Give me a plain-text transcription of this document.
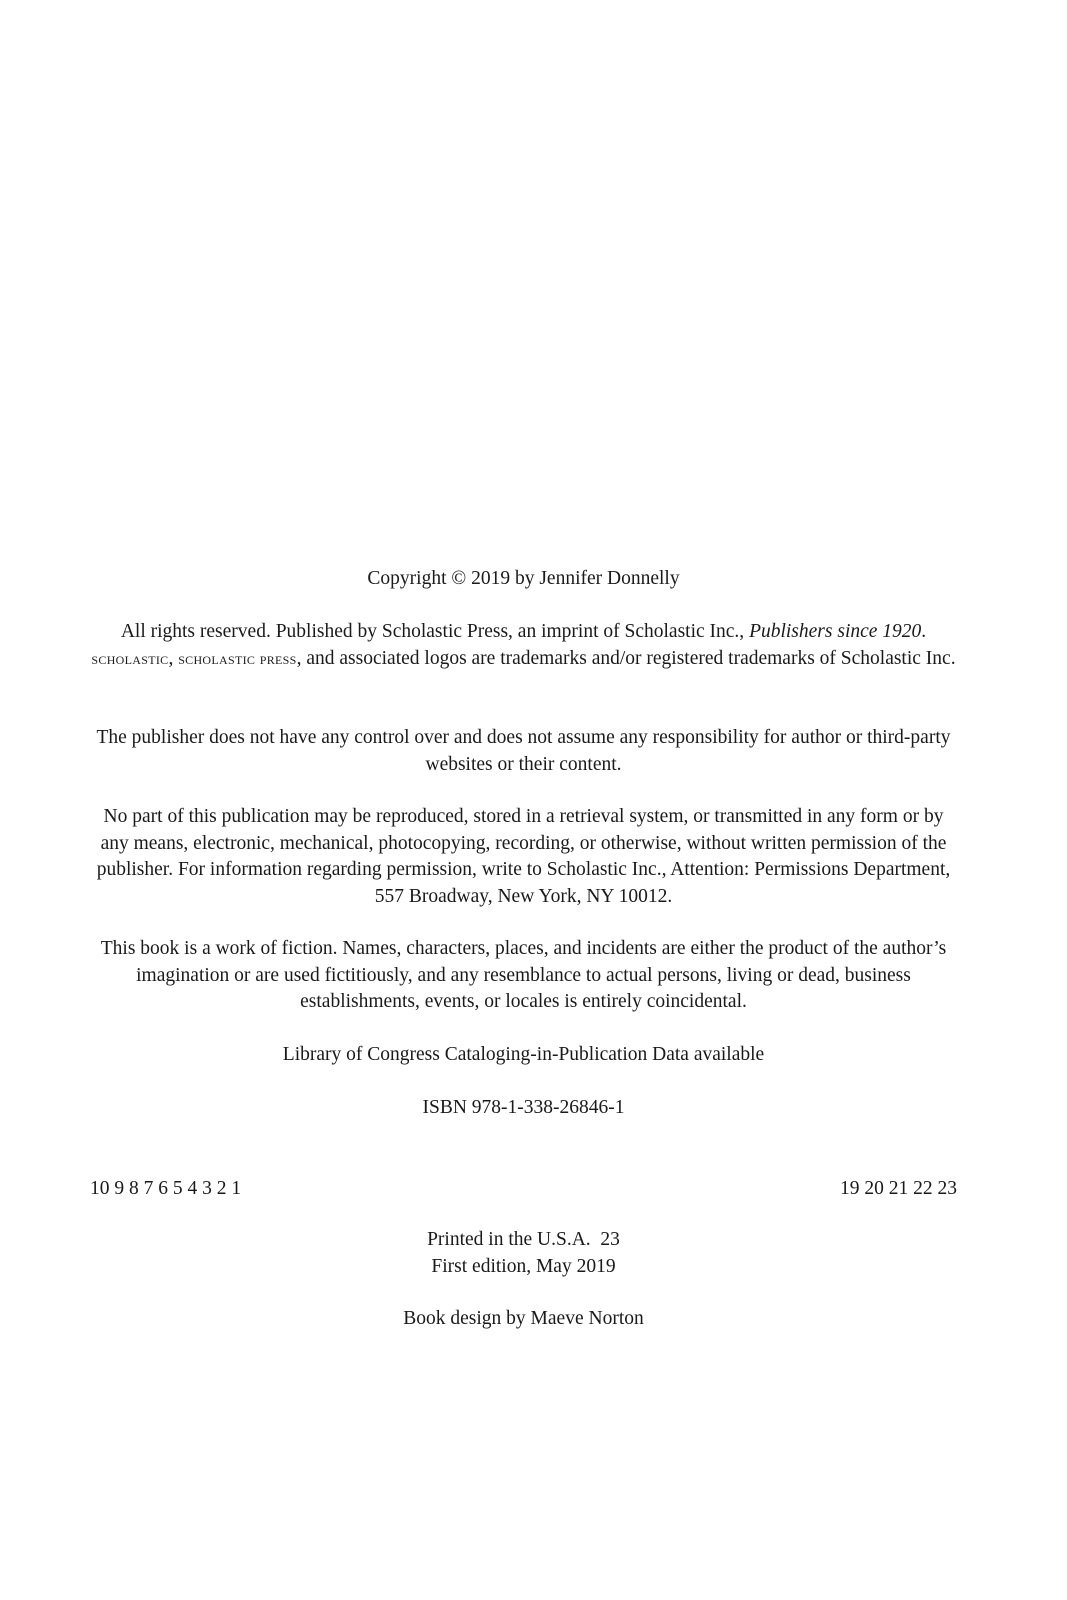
Copyright © 2019 by Jennifer Donnelly

All rights reserved. Published by Scholastic Press, an imprint of Scholastic Inc., Publishers since 1920. scholastic, scholastic press, and associated logos are trademarks and/or registered trademarks of Scholastic Inc.

The publisher does not have any control over and does not assume any responsibility for author or third-party websites or their content.

No part of this publication may be reproduced, stored in a retrieval system, or transmitted in any form or by any means, electronic, mechanical, photocopying, recording, or otherwise, without written permission of the publisher. For information regarding permission, write to Scholastic Inc., Attention: Permissions Department, 557 Broadway, New York, NY 10012.

This book is a work of fiction. Names, characters, places, and incidents are either the product of the author’s imagination or are used fictitiously, and any resemblance to actual persons, living or dead, business establishments, events, or locales is entirely coincidental.

Library of Congress Cataloging-in-Publication Data available

ISBN 978-1-338-26846-1

10 9 8 7 6 5 4 3 2 1	19 20 21 22 23
Printed in the U.S.A.  23
First edition, May 2019

Book design by Maeve Norton
